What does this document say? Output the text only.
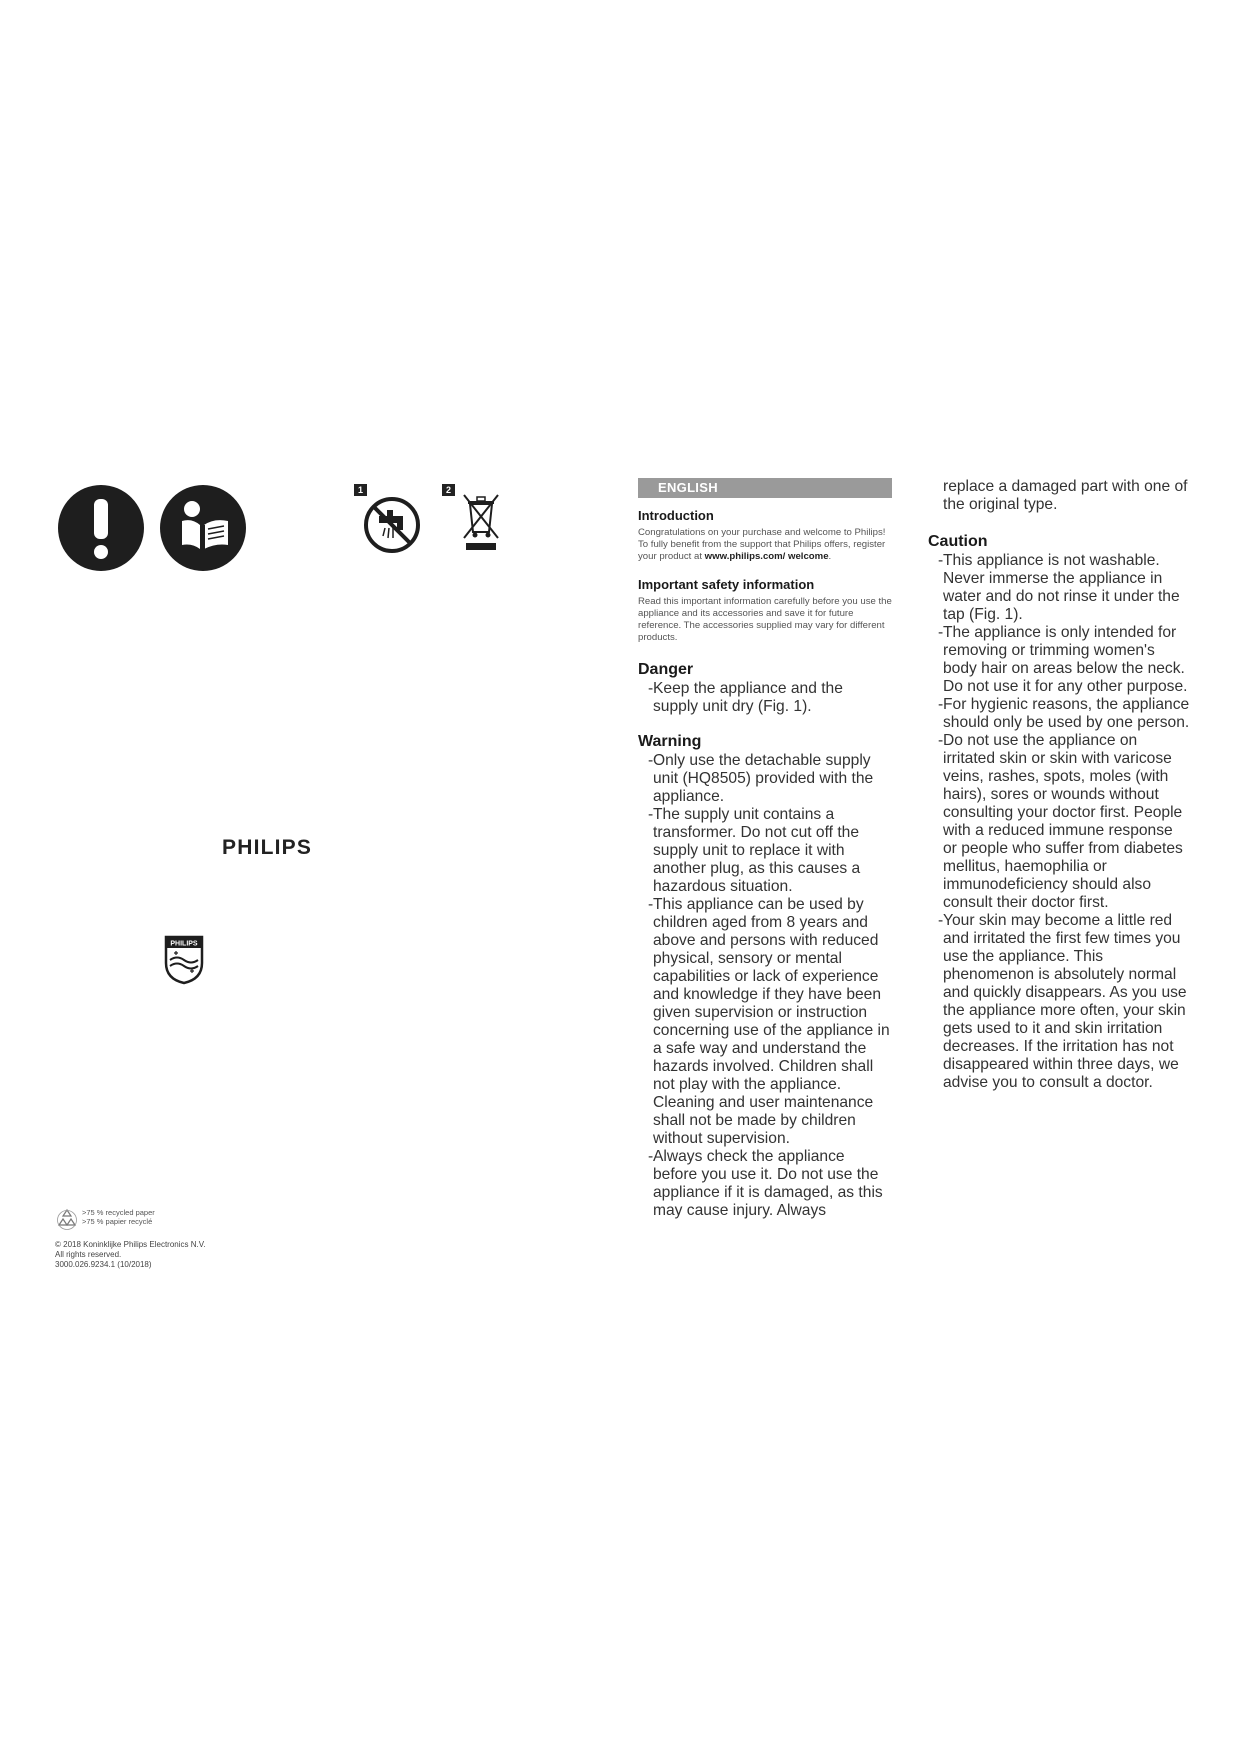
1	2
PHILIPS
PHILIPS
>75 % recycled paper
>75 % papier recyclé
© 2018 Koninklijke Philips Electronics N.V.
All rights reserved.
3000.026.9234.1 (10/2018)
ENGLISH
Introduction
Congratulations on your purchase and welcome to Philips! To fully benefit from the support that Philips offers, register your product at www.philips.com/ welcome.
Important safety information
Read this important information carefully before you use the appliance and its accessories and save it for future reference. The accessories supplied may vary for different products.
Danger
- Keep the appliance and the supply unit dry (Fig. 1).
Warning
- Only use the detachable supply unit (HQ8505) provided with the appliance.
- The supply unit contains a transformer. Do not cut off the supply unit to replace it with another plug, as this causes a hazardous situation.
- This appliance can be used by children aged from 8 years and above and persons with reduced physical, sensory or mental capabilities or lack of experience and knowledge if they have been given supervision or instruction concerning use of the appliance in a safe way and understand the hazards involved. Children shall not play with the appliance. Cleaning and user maintenance shall not be made by children without supervision.
- Always check the appliance before you use it. Do not use the appliance if it is damaged, as this may cause injury. Always
replace a damaged part with one of the original type.
Caution
- This appliance is not washable. Never immerse the appliance in water and do not rinse it under the tap (Fig. 1).
- The appliance is only intended for removing or trimming women's body hair on areas below the neck. Do not use it for any other purpose.
- For hygienic reasons, the appliance should only be used by one person.
- Do not use the appliance on irritated skin or skin with varicose veins, rashes, spots, moles (with hairs), sores or wounds without consulting your doctor first. People with a reduced immune response or people who suffer from diabetes mellitus, haemophilia or immunodeficiency should also consult their doctor first.
- Your skin may become a little red and irritated the first few times you use the appliance. This phenomenon is absolutely normal and quickly disappears. As you use the appliance more often, your skin gets used to it and skin irritation decreases. If the irritation has not disappeared within three days, we advise you to consult a doctor.
